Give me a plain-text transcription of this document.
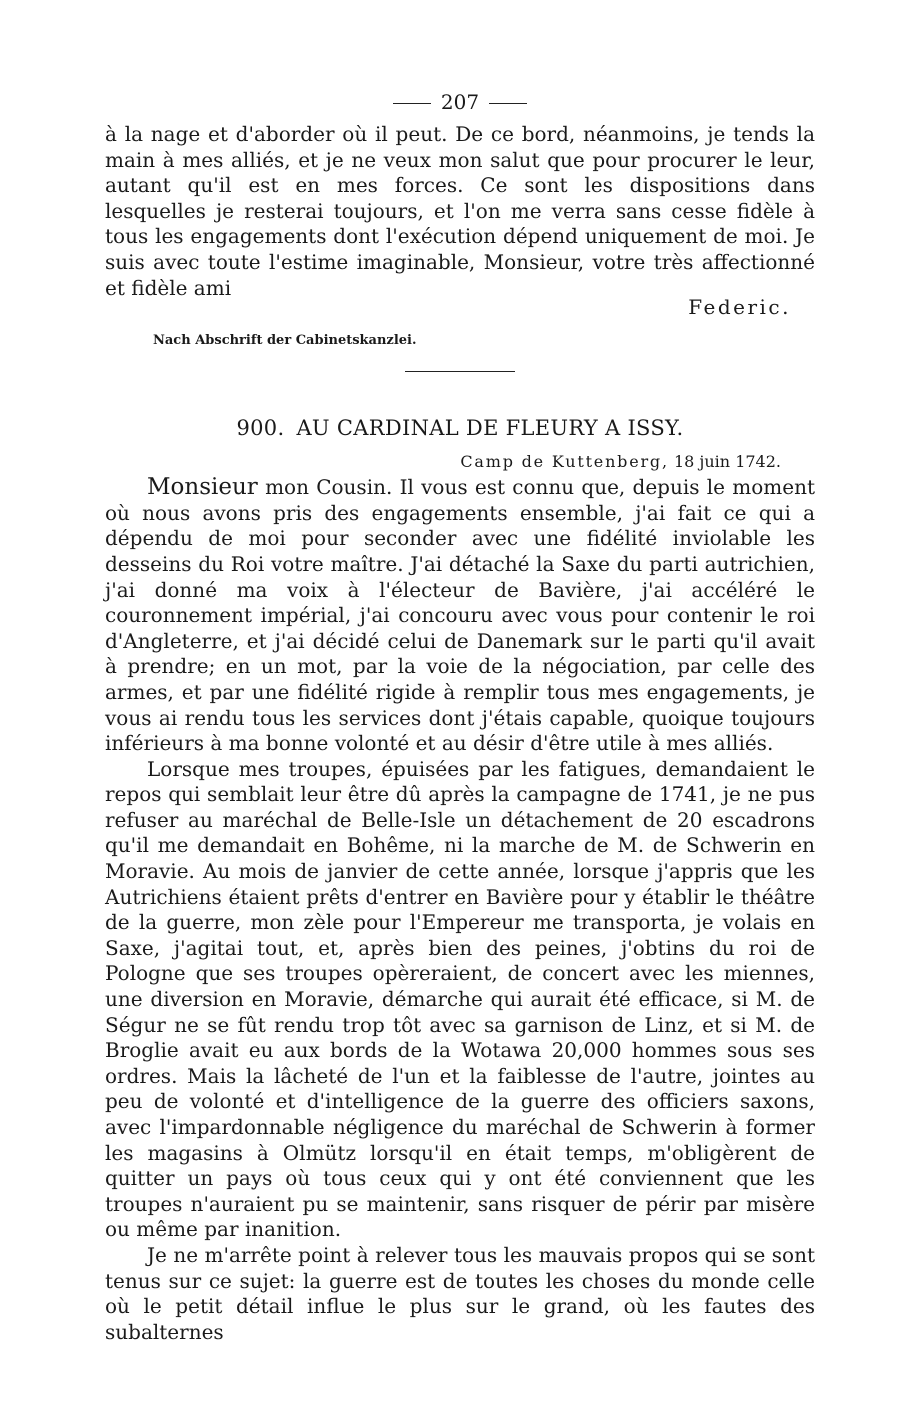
207

à la nage et d'aborder où il peut. De ce bord, néanmoins, je tends la main à mes alliés, et je ne veux mon salut que pour procurer le leur, autant qu'il est en mes forces. Ce sont les dispositions dans lesquelles je resterai toujours, et l'on me verra sans cesse fidèle à tous les engagements dont l'exécution dépend uniquement de moi. Je suis avec toute l'estime imaginable, Monsieur, votre très affectionné et fidèle ami

Federic.
Nach Abschrift der Cabinetskanzlei.
900. AU CARDINAL DE FLEURY A ISSY.
Camp de Kuttenberg, 18 juin 1742.

Monsieur mon Cousin. Il vous est connu que, depuis le moment où nous avons pris des engagements ensemble, j'ai fait ce qui a dépendu de moi pour seconder avec une fidélité inviolable les desseins du Roi votre maître. J'ai détaché la Saxe du parti autrichien, j'ai donné ma voix à l'électeur de Bavière, j'ai accéléré le couronnement impérial, j'ai concouru avec vous pour contenir le roi d'Angleterre, et j'ai décidé celui de Danemark sur le parti qu'il avait à prendre; en un mot, par la voie de la négociation, par celle des armes, et par une fidélité rigide à remplir tous mes engagements, je vous ai rendu tous les services dont j'étais capable, quoique toujours inférieurs à ma bonne volonté et au désir d'être utile à mes alliés.

Lorsque mes troupes, épuisées par les fatigues, demandaient le repos qui semblait leur être dû après la campagne de 1741, je ne pus refuser au maréchal de Belle-Isle un détachement de 20 escadrons qu'il me demandait en Bohême, ni la marche de M. de Schwerin en Moravie. Au mois de janvier de cette année, lorsque j'appris que les Autrichiens étaient prêts d'entrer en Bavière pour y établir le théâtre de la guerre, mon zèle pour l'Empereur me transporta, je volais en Saxe, j'agitai tout, et, après bien des peines, j'obtins du roi de Pologne que ses troupes opèreraient, de concert avec les miennes, une diversion en Moravie, démarche qui aurait été efficace, si M. de Ségur ne se fût rendu trop tôt avec sa garnison de Linz, et si M. de Broglie avait eu aux bords de la Wotawa 20,000 hommes sous ses ordres. Mais la lâcheté de l'un et la faiblesse de l'autre, jointes au peu de volonté et d'intelligence de la guerre des officiers saxons, avec l'impardonnable négligence du maréchal de Schwerin à former les magasins à Olmütz lorsqu'il en était temps, m'obligèrent de quitter un pays où tous ceux qui y ont été conviennent que les troupes n'auraient pu se maintenir, sans risquer de périr par misère ou même par inanition.

Je ne m'arrête point à relever tous les mauvais propos qui se sont tenus sur ce sujet: la guerre est de toutes les choses du monde celle où le petit détail influe le plus sur le grand, où les fautes des subalternes
